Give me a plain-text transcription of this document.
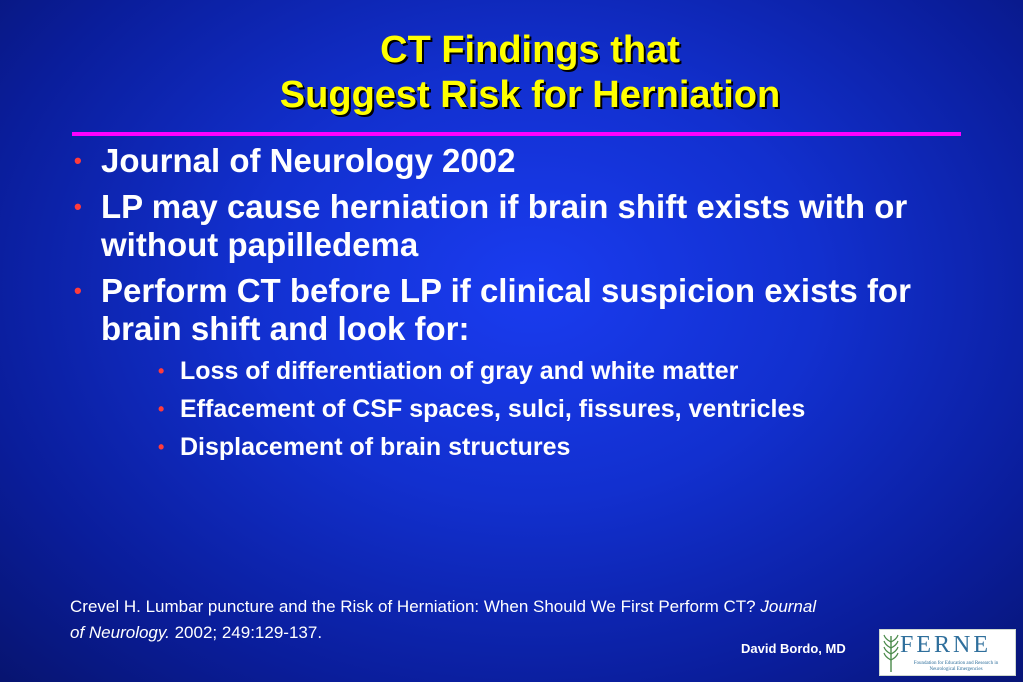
CT Findings that
Suggest Risk for Herniation
• Journal of Neurology 2002
• LP may cause herniation if brain shift exists with or without papilledema
• Perform CT before LP if clinical suspicion exists for brain shift and look for:
• Loss of differentiation of gray and white matter
• Effacement of CSF spaces, sulci, fissures, ventricles
• Displacement of brain structures
Crevel H. Lumbar puncture and the Risk of Herniation: When Should We First Perform CT? Journal of Neurology. 2002; 249:129-137.
David Bordo, MD FERNE
Foundation for Education and Research in Neurological Emergencies
